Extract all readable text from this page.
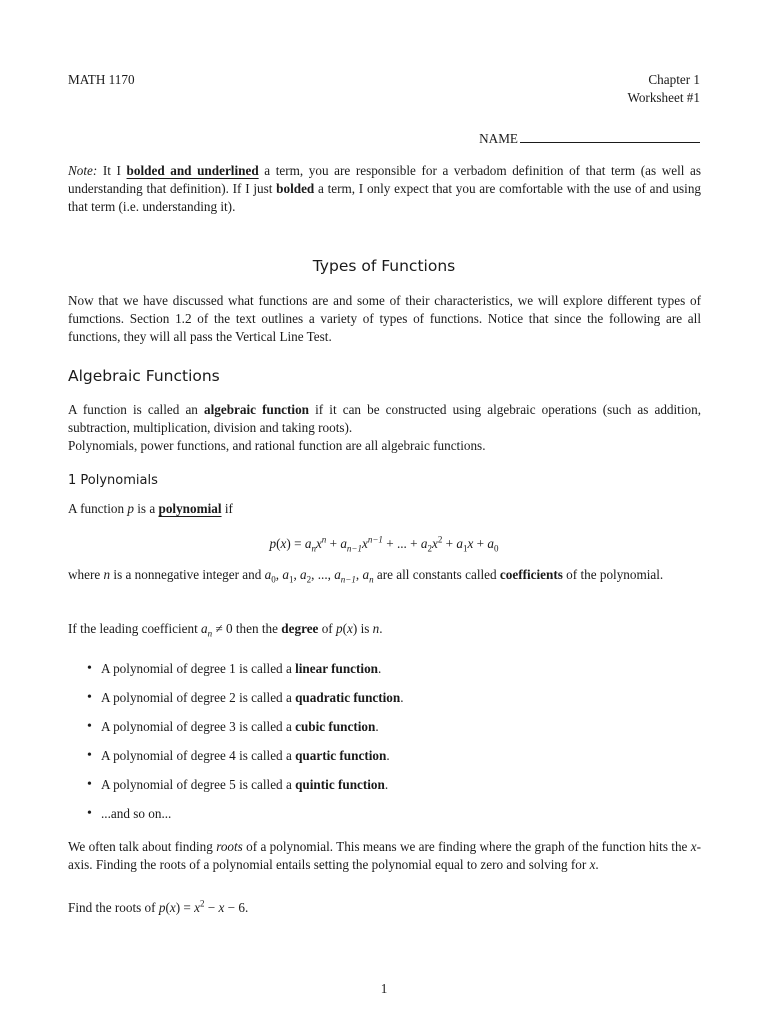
MATH 1170	Chapter 1
Worksheet #1
NAME
Note: It I bolded and underlined a term, you are responsible for a verbadom definition of that term (as well as understanding that definition). If I just bolded a term, I only expect that you are comfortable with the use of and using that term (i.e. understanding it).
Types of Functions
Now that we have discussed what functions are and some of their characteristics, we will explore different types of fumctions. Section 1.2 of the text outlines a variety of types of functions. Notice that since the following are all functions, they will all pass the Vertical Line Test.
Algebraic Functions
A function is called an algebraic function if it can be constructed using algebraic operations (such as addition, subtraction, multiplication, division and taking roots).
Polynomials, power functions, and rational function are all algebraic functions.
1 Polynomials
A function p is a polynomial if
$p(x) = a_nx^n + a_{n-1}x^{n-1}$ + ... + $a_2x^2 + a_1x + a_0$
where n is a nonnegative integer and $a_0$, $a_1$, $a_2$, ..., $a_{n-1}$, $a_n$ are all constants called coefficients of the polynomial.
If the leading coefficient $a_n \ne 0$ then the degree of p(x) is n.
• A polynomial of degree 1 is called a linear function.
• A polynomial of degree 2 is called a quadratic function.
• A polynomial of degree 3 is called a cubic function.
• A polynomial of degree 4 is called a quartic function.
• A polynomial of degree 5 is called a quintic function.
• ...and so on...
We often talk about finding roots of a polynomial. This means we are finding where the graph of the function hits the x-axis. Finding the roots of a polynomial entails setting the polynomial equal to zero and solving for x.
Find the roots of $p(x) = x^2 - x - 6$.
1
